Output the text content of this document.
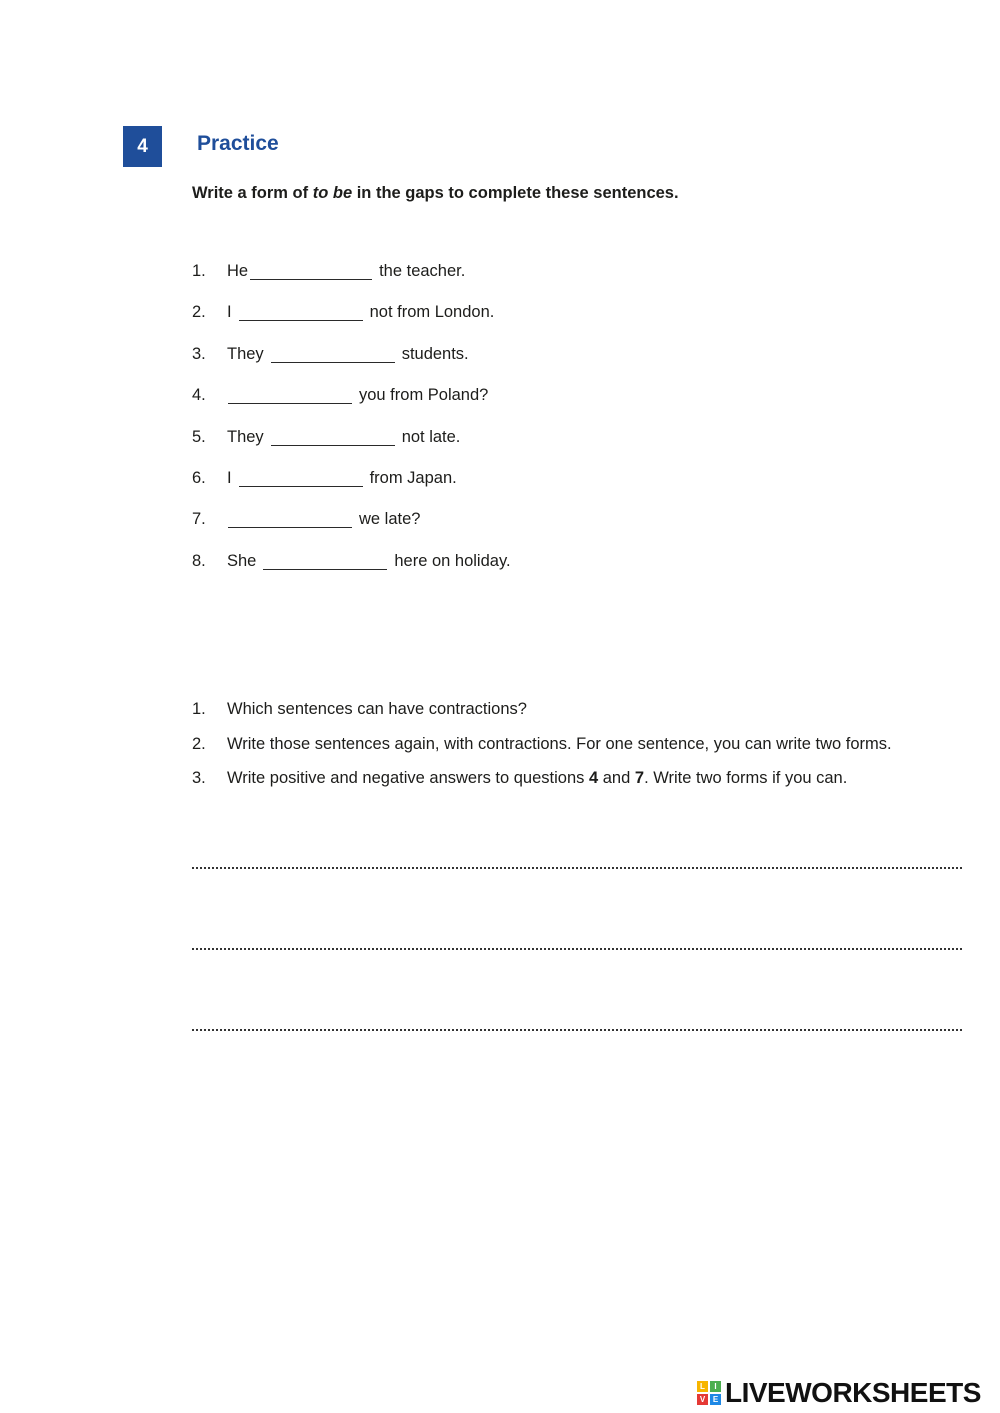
4	Practice
Write a form of to be in the gaps to complete these sentences.
1.	He	the teacher.
2.	I	not from London.
3.	They	students.
4.	you from Poland?
5.	They	not late.
6.	I	from Japan.
7.	we late?
8.	She	here on holiday.
1.	Which sentences can have contractions?
2.	Write those sentences again, with contractions. For one sentence, you can write two forms.
3.	Write positive and negative answers to questions 4 and 7. Write two forms if you can.
L	I
V E LIVEWORKSHEETS
